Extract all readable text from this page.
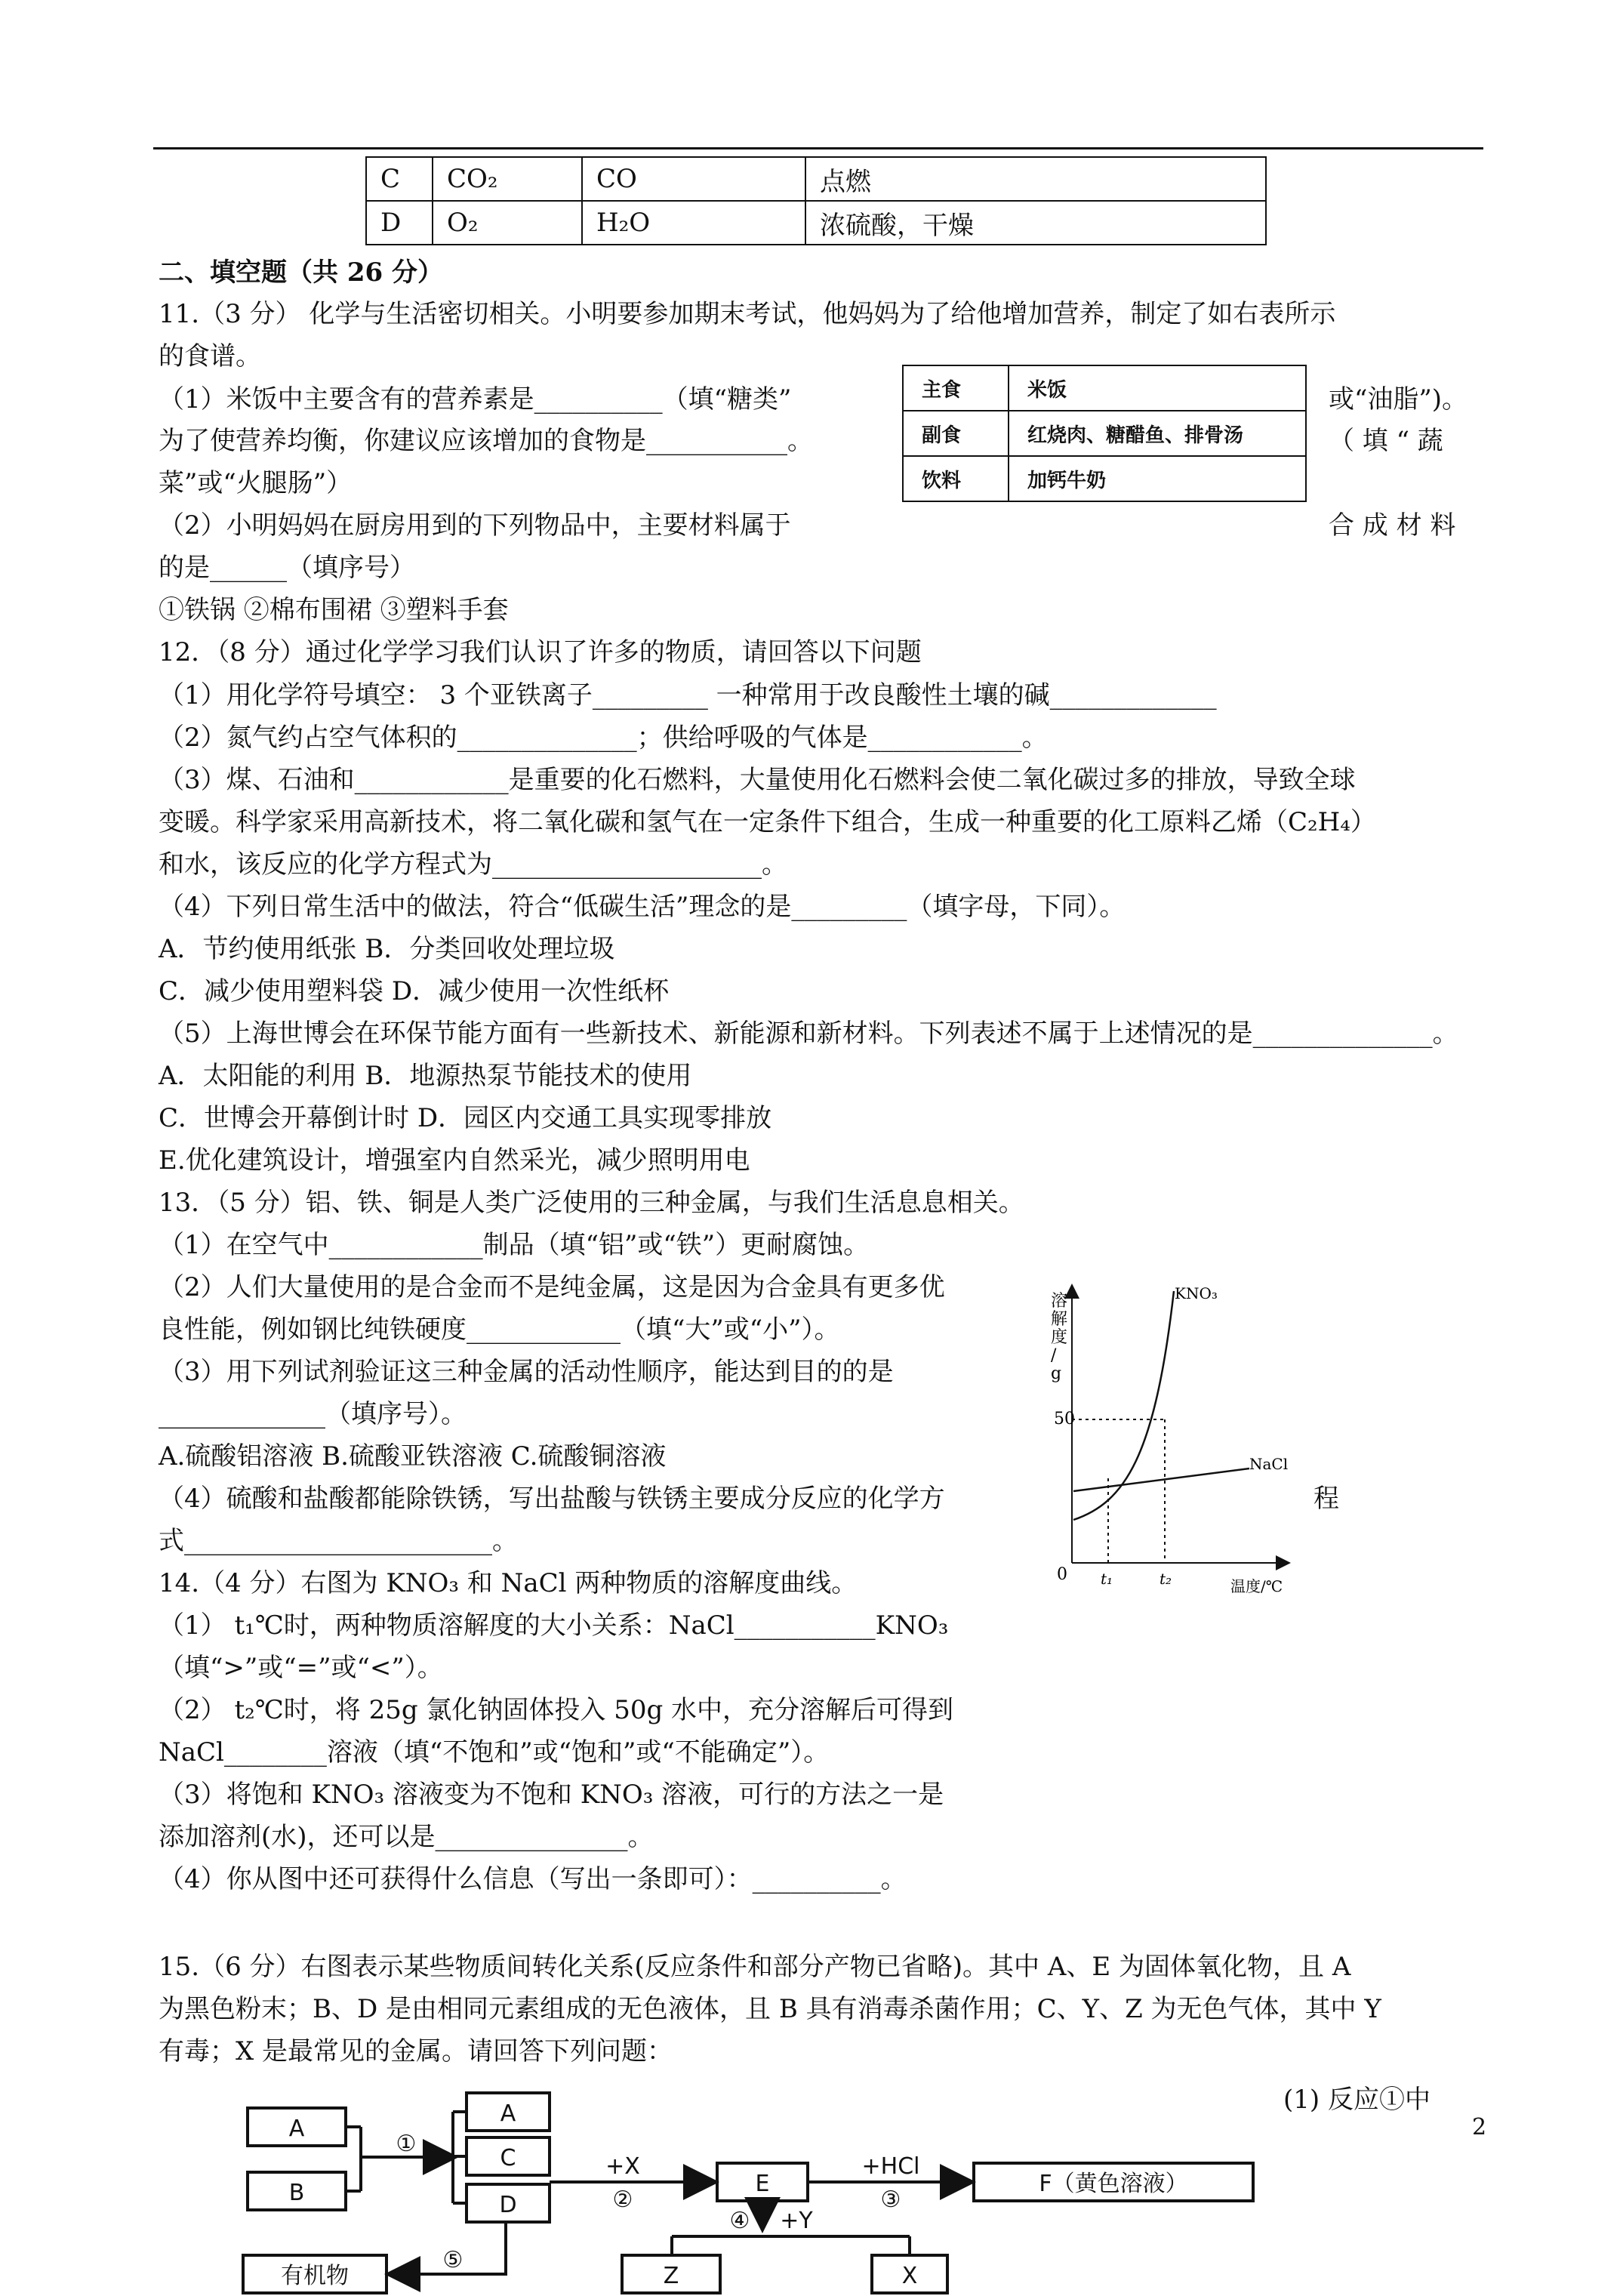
C	CO₂	CO	点燃
D	O₂	H₂O	浓硫酸，干燥
二、填空题（共 26 分）
11.（3 分） 化学与生活密切相关。小明要参加期末考试，他妈妈为了给他增加营养，制定了如右表所示
的食谱。
（1）米饭中主要含有的营养素是__________（填“糖类”
为了使营养均衡，你建议应该增加的食物是___________。
菜”或“火腿肠”）
（2）小明妈妈在厨房用到的下列物品中，主要材料属于
的是______（填序号）
①铁锅 ②棉布围裙 ③塑料手套
12．（8 分）通过化学学习我们认识了许多的物质，请回答以下问题
（1）用化学符号填空： 3 个亚铁离子_________ 一种常用于改良酸性土壤的碱_____________
（2）氮气约占空气体积的______________；供给呼吸的气体是____________。
（3）煤、石油和____________是重要的化石燃料，大量使用化石燃料会使二氧化碳过多的排放，导致全球
变暖。科学家采用高新技术，将二氧化碳和氢气在一定条件下组合，生成一种重要的化工原料乙烯（C₂H₄）
和水，该反应的化学方程式为_____________________。
（4）下列日常生活中的做法，符合“低碳生活”理念的是_________（填字母，下同）。
A．节约使用纸张 B．分类回收处理垃圾
C．减少使用塑料袋 D．减少使用一次性纸杯
（5）上海世博会在环保节能方面有一些新技术、新能源和新材料。下列表述不属于上述情况的是______________。
A．太阳能的利用 B．地源热泵节能技术的使用
C．世博会开幕倒计时 D．园区内交通工具实现零排放
E.优化建筑设计，增强室内自然采光，减少照明用电
13．（5 分）铝、铁、铜是人类广泛使用的三种金属，与我们生活息息相关。
（1）在空气中____________制品（填“铝”或“铁”）更耐腐蚀。
（2）人们大量使用的是合金而不是纯金属，这是因为合金具有更多优
良性能，例如钢比纯铁硬度____________（填“大”或“小”）。
（3）用下列试剂验证这三种金属的活动性顺序，能达到目的的是
_____________（填序号）。
A.硫酸铝溶液 B.硫酸亚铁溶液 C.硫酸铜溶液
（4）硫酸和盐酸都能除铁锈，写出盐酸与铁锈主要成分反应的化学方
式________________________。
14.（4 分）右图为 KNO₃ 和 NaCl 两种物质的溶解度曲线。
（1） t₁℃时，两种物质溶解度的大小关系：NaCl___________KNO₃
（填“>”或“=”或“<”）。
（2） t₂℃时，将 25g 氯化钠固体投入 50g 水中，充分溶解后可得到
NaCl________溶液（填“不饱和”或“饱和”或“不能确定”）。
（3）将饱和 KNO₃ 溶液变为不饱和 KNO₃ 溶液，可行的方法之一是
添加溶剂(水)，还可以是_______________。
（4）你从图中还可获得什么信息（写出一条即可）：__________。
15.（6 分）右图表示某些物质间转化关系(反应条件和部分产物已省略)。其中 A、E 为固体氧化物，且 A
为黑色粉末；B、D 是由相同元素组成的无色液体，且 B 具有消毒杀菌作用；C、Y、Z 为无色气体，其中 Y
有毒；X 是最常见的金属。请回答下列问题：
或“油脂”)。
（ 填 “ 蔬
合 成 材 料
程
(1) 反应①中
主食	米饭
副食	红烧肉、糖醋鱼、排骨汤
饮料	加钙牛奶
溶
解
度
/
g
50
0 t₁	t₂	温度/℃
KNO₃
NaCl
A
B
A
C
D
E	F（黄色溶液）
有机物	Z	X
①
+X
②
+HCl
③
④ +Y
⑤
2
